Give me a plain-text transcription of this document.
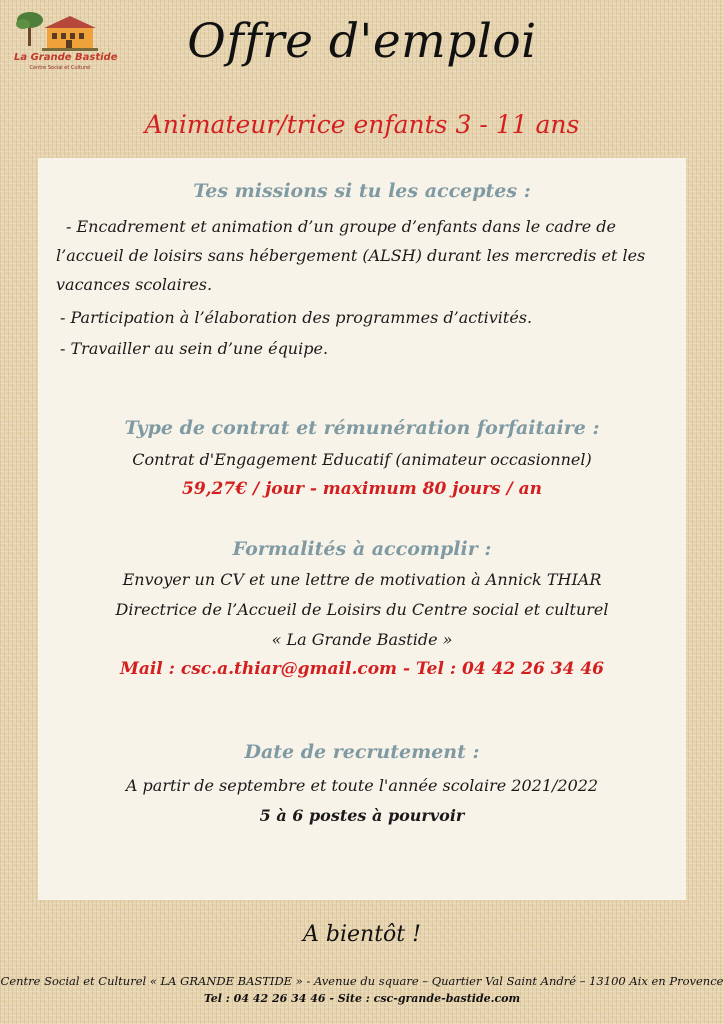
La Grande Bastide
Centre Social et Culturel	Offre d'emploi
Animateur/trice enfants 3 - 11 ans
Tes missions si tu les acceptes :
- Encadrement et animation d’un groupe d’enfants dans le cadre de
l’accueil de loisirs sans hébergement (ALSH) durant les mercredis et les
vacances scolaires.
- Participation à l’élaboration des programmes d’activités.
- Travailler au sein d’une équipe.
Type de contrat et rémunération forfaitaire :
Contrat d'Engagement Educatif (animateur occasionnel)
59,27€ / jour - maximum 80 jours / an
Formalités à accomplir :
Envoyer un CV et une lettre de motivation à Annick THIAR
Directrice de l’Accueil de Loisirs du Centre social et culturel
« La Grande Bastide »
Mail : csc.a.thiar@gmail.com - Tel : 04 42 26 34 46
Date de recrutement :
A partir de septembre et toute l'année scolaire 2021/2022
5 à 6 postes à pourvoir
A bientôt !
Centre Social et Culturel « LA GRANDE BASTIDE » - Avenue du square – Quartier Val Saint André – 13100 Aix en Provence
Tel : 04 42 26 34 46 - Site : csc-grande-bastide.com
